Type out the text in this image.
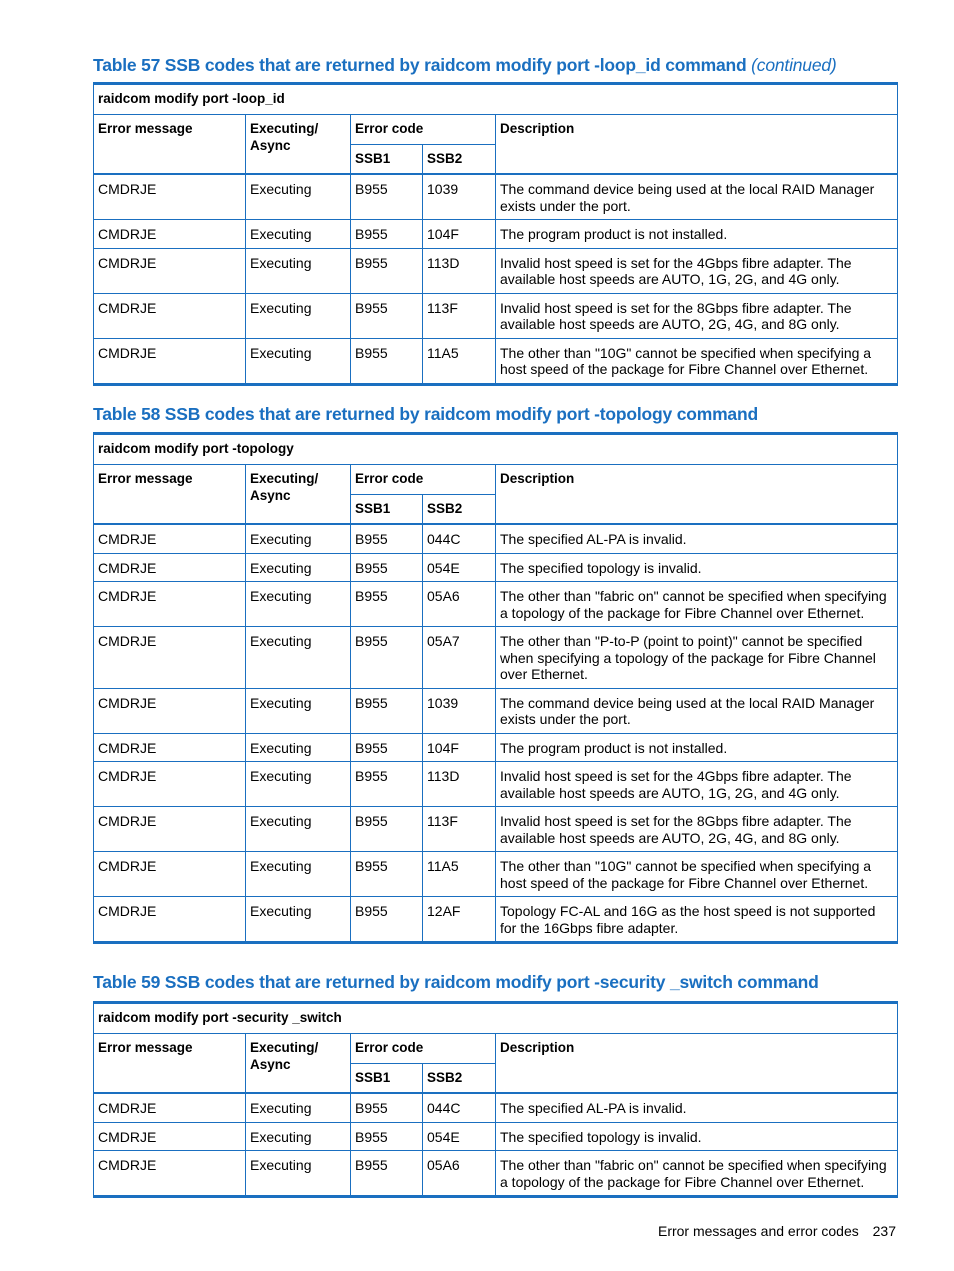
Table 57 SSB codes that are returned by raidcom modify port -loop_id command (continued)
raidcom modify port -loop_id				
Error message	Executing/ Async	Error code		Description
		SSB1	SSB2	
CMDRJE	Executing	B955	1039	The command device being used at the local RAID Manager exists under the port.
CMDRJE	Executing	B955	104F	The program product is not installed.
CMDRJE	Executing	B955	113D	Invalid host speed is set for the 4Gbps fibre adapter. The available host speeds are AUTO, 1G, 2G, and 4G only.
CMDRJE	Executing	B955	113F	Invalid host speed is set for the 8Gbps fibre adapter. The available host speeds are AUTO, 2G, 4G, and 8G only.
CMDRJE	Executing	B955	11A5	The other than "10G" cannot be specified when specifying a host speed of the package for Fibre Channel over Ethernet.
Table 58 SSB codes that are returned by raidcom modify port -topology command
raidcom modify port -topology				
Error message	Executing/ Async	Error code		Description
		SSB1	SSB2	
CMDRJE	Executing	B955	044C	The specified AL-PA is invalid.
CMDRJE	Executing	B955	054E	The specified topology is invalid.
CMDRJE	Executing	B955	05A6	The other than "fabric on" cannot be specified when specifying a topology of the package for Fibre Channel over Ethernet.
CMDRJE	Executing	B955	05A7	The other than "P-to-P (point to point)" cannot be specified when specifying a topology of the package for Fibre Channel over Ethernet.
CMDRJE	Executing	B955	1039	The command device being used at the local RAID Manager exists under the port.
CMDRJE	Executing	B955	104F	The program product is not installed.
CMDRJE	Executing	B955	113D	Invalid host speed is set for the 4Gbps fibre adapter. The available host speeds are AUTO, 1G, 2G, and 4G only.
CMDRJE	Executing	B955	113F	Invalid host speed is set for the 8Gbps fibre adapter. The available host speeds are AUTO, 2G, 4G, and 8G only.
CMDRJE	Executing	B955	11A5	The other than "10G" cannot be specified when specifying a host speed of the package for Fibre Channel over Ethernet.
CMDRJE	Executing	B955	12AF	Topology FC-AL and 16G as the host speed is not supported for the 16Gbps fibre adapter.
Table 59 SSB codes that are returned by raidcom modify port -security _switch command
raidcom modify port -security _switch				
Error message	Executing/ Async	Error code		Description
		SSB1	SSB2	
CMDRJE	Executing	B955	044C	The specified AL-PA is invalid.
CMDRJE	Executing	B955	054E	The specified topology is invalid.
CMDRJE	Executing	B955	05A6	The other than "fabric on" cannot be specified when specifying a topology of the package for Fibre Channel over Ethernet.
Error messages and error codes 237
